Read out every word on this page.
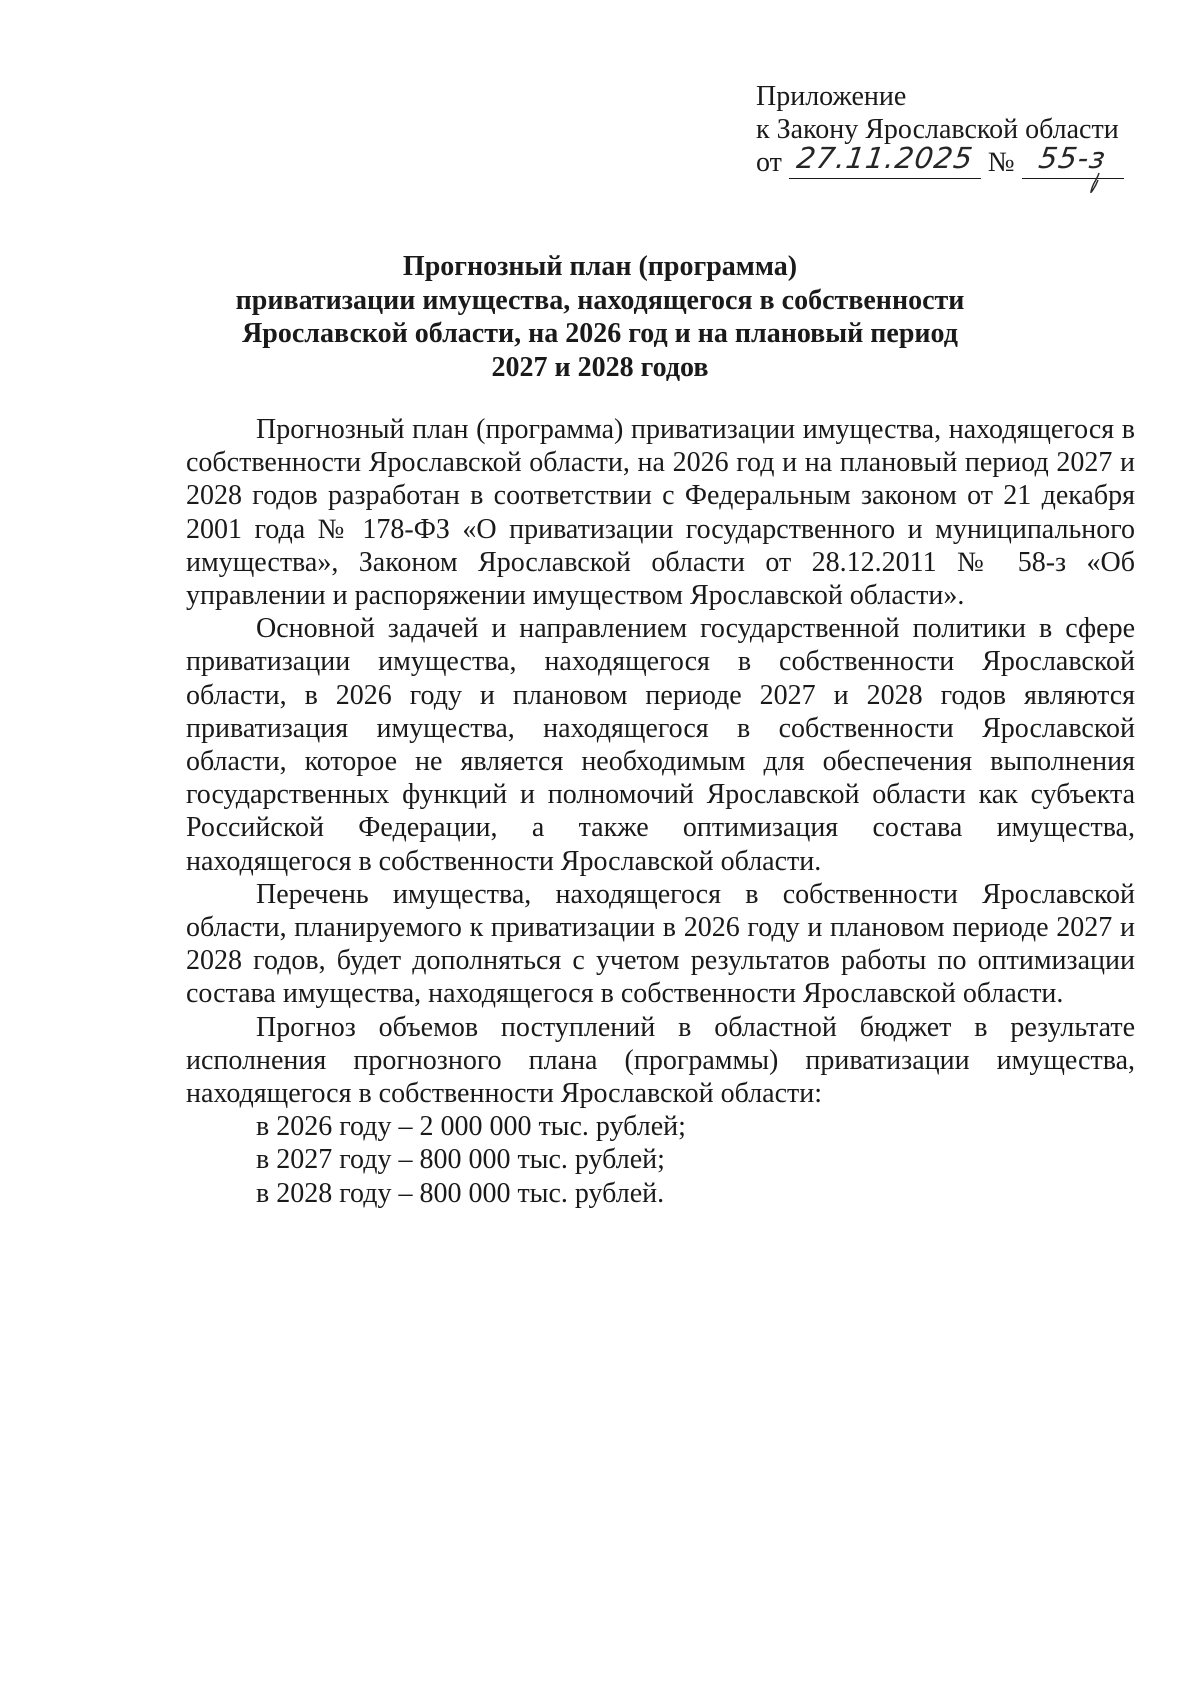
Приложение
к Закону Ярославской области
от 27.11.2025 № 55-з
Прогнозный план (программа)
приватизации имущества, находящегося в собственности
Ярославской области, на 2026 год и на плановый период
2027 и 2028 годов

Прогнозный план (программа) приватизации имущества, находящегося в собственности Ярославской области, на 2026 год и на плановый период 2027 и 2028 годов разработан в соответствии с Федеральным законом от 21 декабря 2001 года № 178-ФЗ «О приватизации государственного и муниципального имущества», Законом Ярославской области от 28.12.2011 № 58-з «Об управлении и распоряжении имуществом Ярославской области».

Основной задачей и направлением государственной политики в сфере приватизации имущества, находящегося в собственности Ярославской области, в 2026 году и плановом периоде 2027 и 2028 годов являются приватизация имущества, находящегося в собственности Ярославской области, которое не является необходимым для обеспечения выполнения государственных функций и полномочий Ярославской области как субъекта Российской Федерации, а также оптимизация состава имущества, находящегося в собственности Ярославской области.

Перечень имущества, находящегося в собственности Ярославской области, планируемого к приватизации в 2026 году и плановом периоде 2027 и 2028 годов, будет дополняться с учетом результатов работы по оптимизации состава имущества, находящегося в собственности Ярославской области.

Прогноз объемов поступлений в областной бюджет в результате исполнения прогнозного плана (программы) приватизации имущества, находящегося в собственности Ярославской области:

в 2026 году – 2 000 000 тыс. рублей;
в 2027 году – 800 000 тыс. рублей;
в 2028 году – 800 000 тыс. рублей.
